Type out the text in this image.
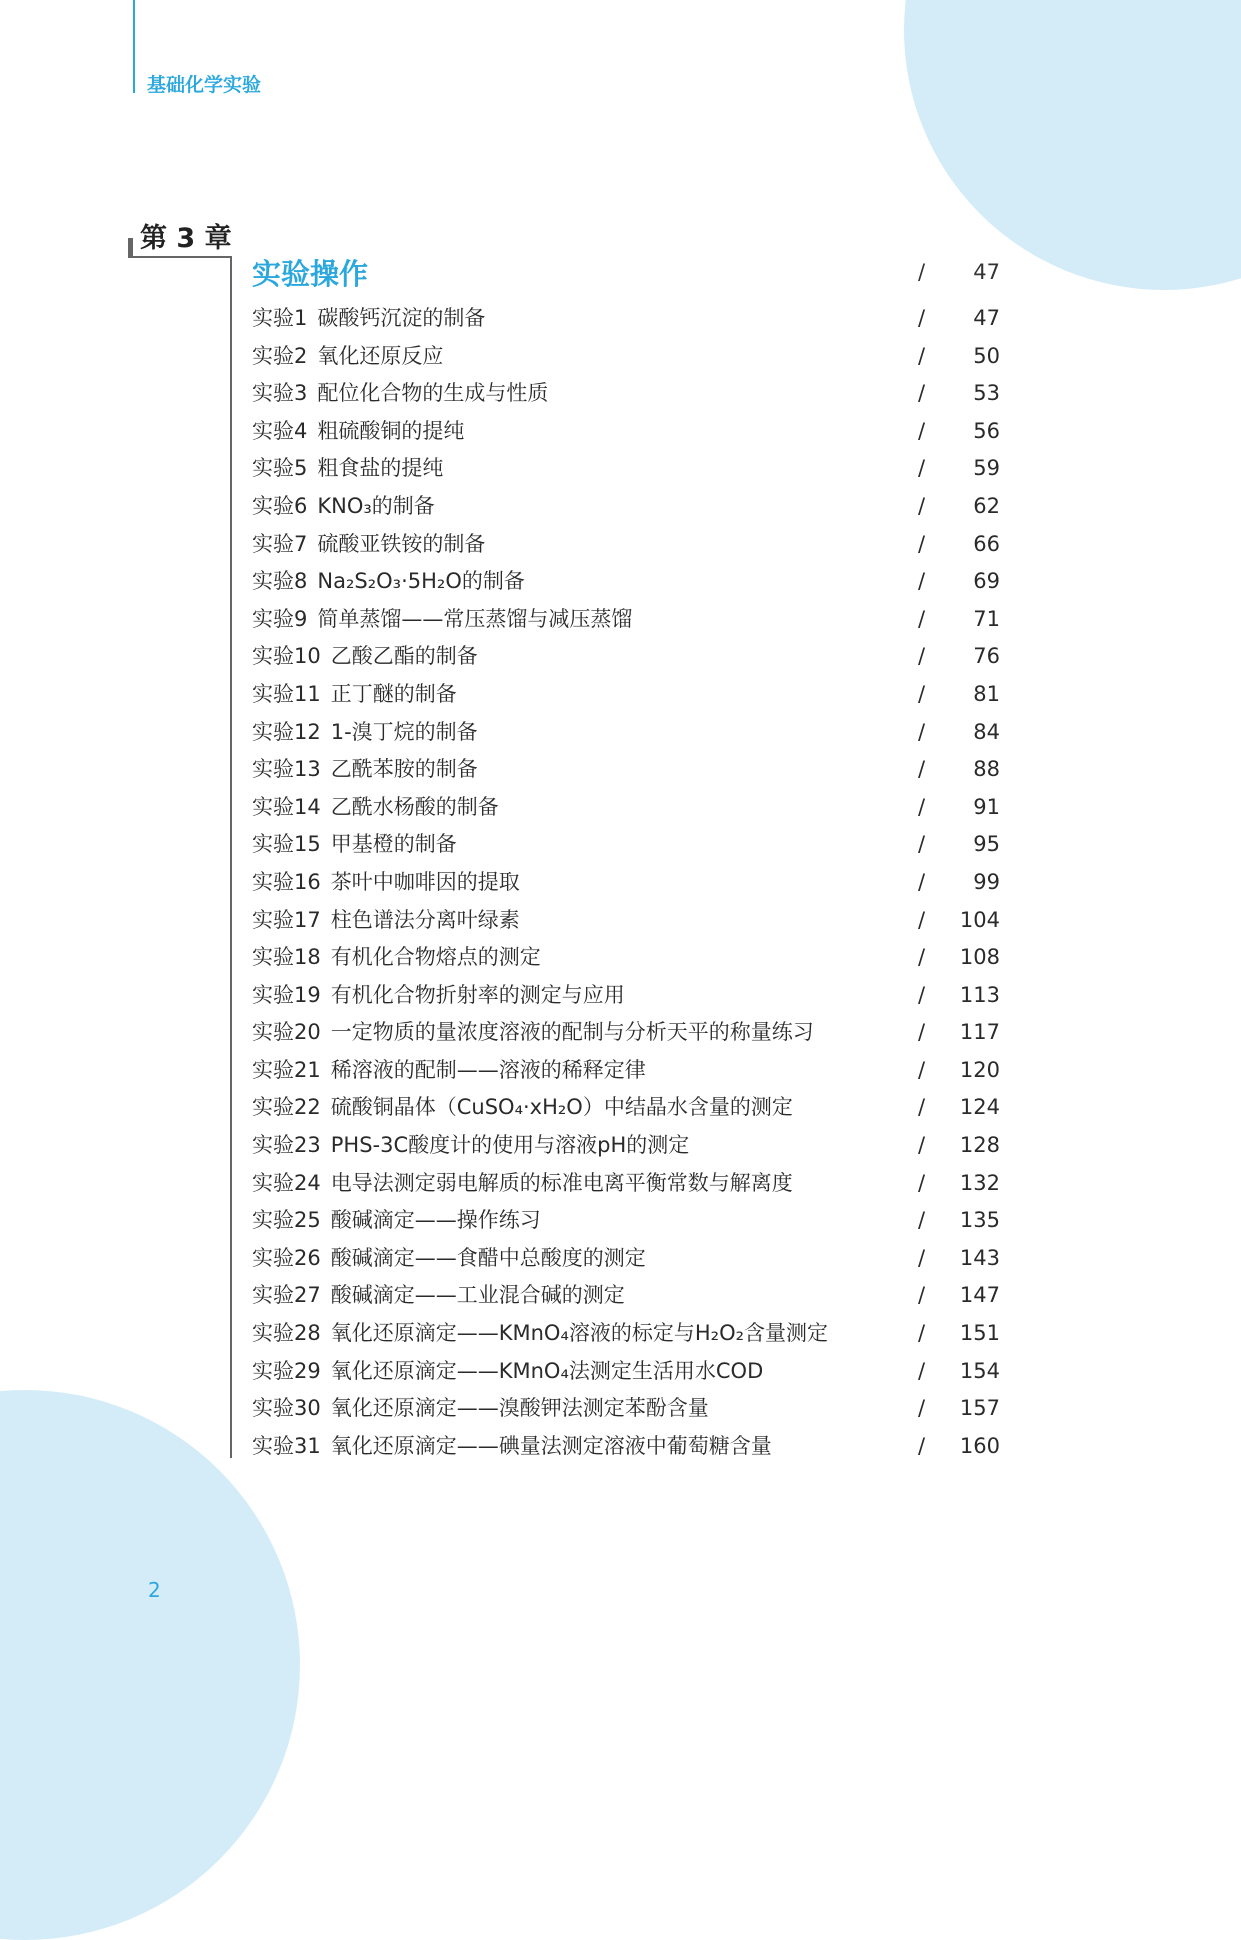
基础化学实验
第 3 章
实验操作	/	47
实验1 碳酸钙沉淀的制备	/	47
实验2 氧化还原反应	/	50
实验3 配位化合物的生成与性质	/	53
实验4 粗硫酸铜的提纯	/	56
实验5 粗食盐的提纯	/	59
实验6 KNO₃的制备	/	62
实验7 硫酸亚铁铵的制备	/	66
实验8 Na₂S₂O₃·5H₂O的制备	/	69
实验9 简单蒸馏——常压蒸馏与减压蒸馏	/	71
实验10 乙酸乙酯的制备	/	76
实验11 正丁醚的制备	/	81
实验12 1-溴丁烷的制备	/	84
实验13 乙酰苯胺的制备	/	88
实验14 乙酰水杨酸的制备	/	91
实验15 甲基橙的制备	/	95
实验16 茶叶中咖啡因的提取	/	99
实验17 柱色谱法分离叶绿素	/	104
实验18 有机化合物熔点的测定	/	108
实验19 有机化合物折射率的测定与应用	/	113
实验20 一定物质的量浓度溶液的配制与分析天平的称量练习	/	117
实验21 稀溶液的配制——溶液的稀释定律	/	120
实验22 硫酸铜晶体（CuSO₄·xH₂O）中结晶水含量的测定	/	124
实验23 PHS-3C酸度计的使用与溶液pH的测定	/	128
实验24 电导法测定弱电解质的标准电离平衡常数与解离度	/	132
实验25 酸碱滴定——操作练习	/	135
实验26 酸碱滴定——食醋中总酸度的测定	/	143
实验27 酸碱滴定——工业混合碱的测定	/	147
实验28 氧化还原滴定——KMnO₄溶液的标定与H₂O₂含量测定	/	151
实验29 氧化还原滴定——KMnO₄法测定生活用水COD	/	154
实验30 氧化还原滴定——溴酸钾法测定苯酚含量	/	157
实验31 氧化还原滴定——碘量法测定溶液中葡萄糖含量	/	160
2
